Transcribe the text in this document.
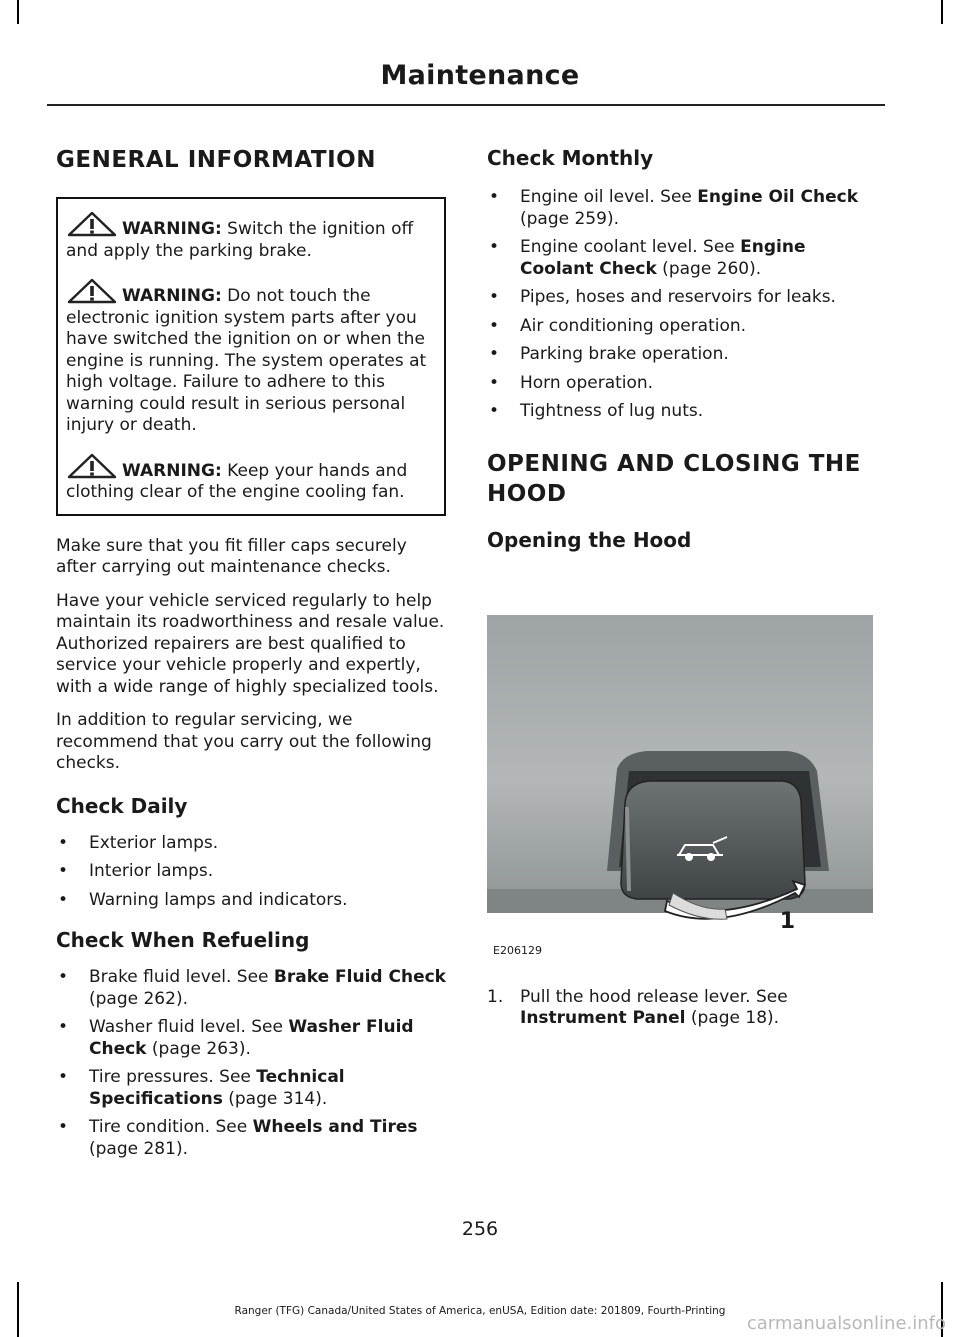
Maintenance
GENERAL INFORMATION
WARNING: Switch the ignition off and apply the parking brake.
WARNING: Do not touch the electronic ignition system parts after you have switched the ignition on or when the engine is running. The system operates at high voltage. Failure to adhere to this warning could result in serious personal injury or death.
WARNING: Keep your hands and clothing clear of the engine cooling fan.

Make sure that you fit filler caps securely after carrying out maintenance checks.

Have your vehicle serviced regularly to help maintain its roadworthiness and resale value. Authorized repairers are best qualified to service your vehicle properly and expertly, with a wide range of highly specialized tools.

In addition to regular servicing, we recommend that you carry out the following checks.

Check Daily
• Exterior lamps.
• Interior lamps.
• Warning lamps and indicators.
Check When Refueling
• Brake fluid level. See Brake Fluid Check (page 262).
• Washer fluid level. See Washer Fluid Check (page 263).
• Tire pressures. See Technical Specifications (page 314).
• Tire condition. See Wheels and Tires (page 281).
Check Monthly
• Engine oil level. See Engine Oil Check (page 259).
• Engine coolant level. See Engine Coolant Check (page 260).
• Pipes, hoses and reservoirs for leaks.
• Air conditioning operation.
• Parking brake operation.
• Horn operation.
• Tightness of lug nuts.
OPENING AND CLOSING THE HOOD
Opening the Hood
1
E206129
1. Pull the hood release lever. See Instrument Panel (page 18).
256
Ranger (TFG) Canada/United States of America, enUSA, Edition date: 201809, Fourth-Printing
carmanualsonline.info
